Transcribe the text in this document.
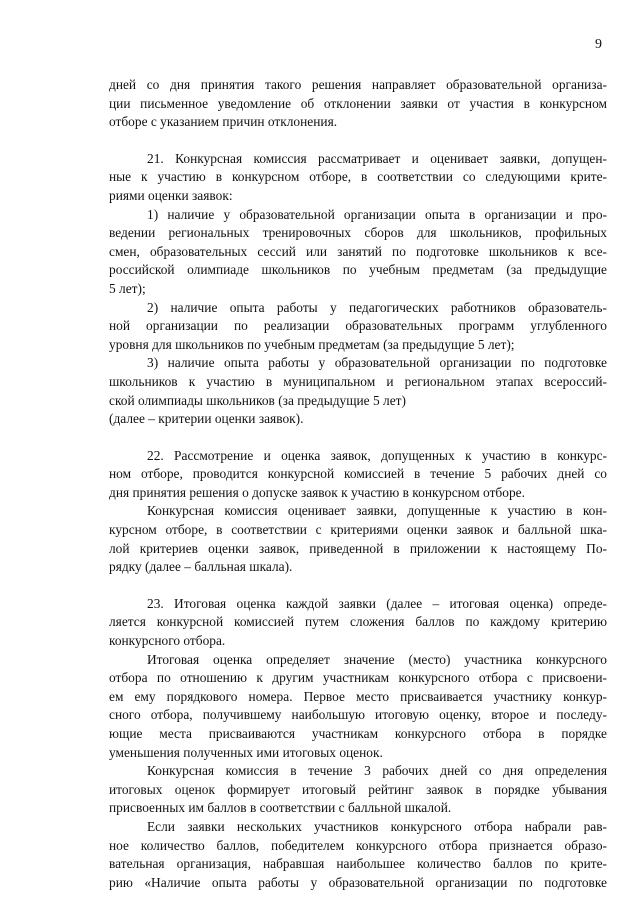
9
дней со дня принятия такого решения направляет образовательной организа-
ции письменное уведомление об отклонении заявки от участия в конкурсном
отборе с указанием причин отклонения.
21. Конкурсная комиссия рассматривает и оценивает заявки, допущен-
ные к участию в конкурсном отборе, в соответствии со следующими крите-
риями оценки заявок:
1) наличие у образовательной организации опыта в организации и про-
ведении региональных тренировочных сборов для школьников, профильных
смен, образовательных сессий или занятий по подготовке школьников к все-
российской олимпиаде школьников по учебным предметам (за предыдущие
5 лет);
2) наличие опыта работы у педагогических работников образователь-
ной организации по реализации образовательных программ углубленного
уровня для школьников по учебным предметам (за предыдущие 5 лет);
3) наличие опыта работы у образовательной организации по подготовке
школьников к участию в муниципальном и региональном этапах всероссий-
ской олимпиады школьников (за предыдущие 5 лет)
(далее – критерии оценки заявок).
22. Рассмотрение и оценка заявок, допущенных к участию в конкурс-
ном отборе, проводится конкурсной комиссией в течение 5 рабочих дней со
дня принятия решения о допуске заявок к участию в конкурсном отборе.
Конкурсная комиссия оценивает заявки, допущенные к участию в кон-
курсном отборе, в соответствии с критериями оценки заявок и балльной шка-
лой критериев оценки заявок, приведенной в приложении к настоящему По-
рядку (далее – балльная шкала).
23. Итоговая оценка каждой заявки (далее – итоговая оценка) опреде-
ляется конкурсной комиссией путем сложения баллов по каждому критерию
конкурсного отбора.
Итоговая оценка определяет значение (место) участника конкурсного
отбора по отношению к другим участникам конкурсного отбора с присвоени-
ем ему порядкового номера. Первое место присваивается участнику конкур-
сного отбора, получившему наибольшую итоговую оценку, второе и последу-
ющие места присваиваются участникам конкурсного отбора в порядке
уменьшения полученных ими итоговых оценок.
Конкурсная комиссия в течение 3 рабочих дней со дня определения
итоговых оценок формирует итоговый рейтинг заявок в порядке убывания
присвоенных им баллов в соответствии с балльной шкалой.
Если заявки нескольких участников конкурсного отбора набрали рав-
ное количество баллов, победителем конкурсного отбора признается образо-
вательная организация, набравшая наибольшее количество баллов по крите-
рию «Наличие опыта работы у образовательной организации по подготовке
